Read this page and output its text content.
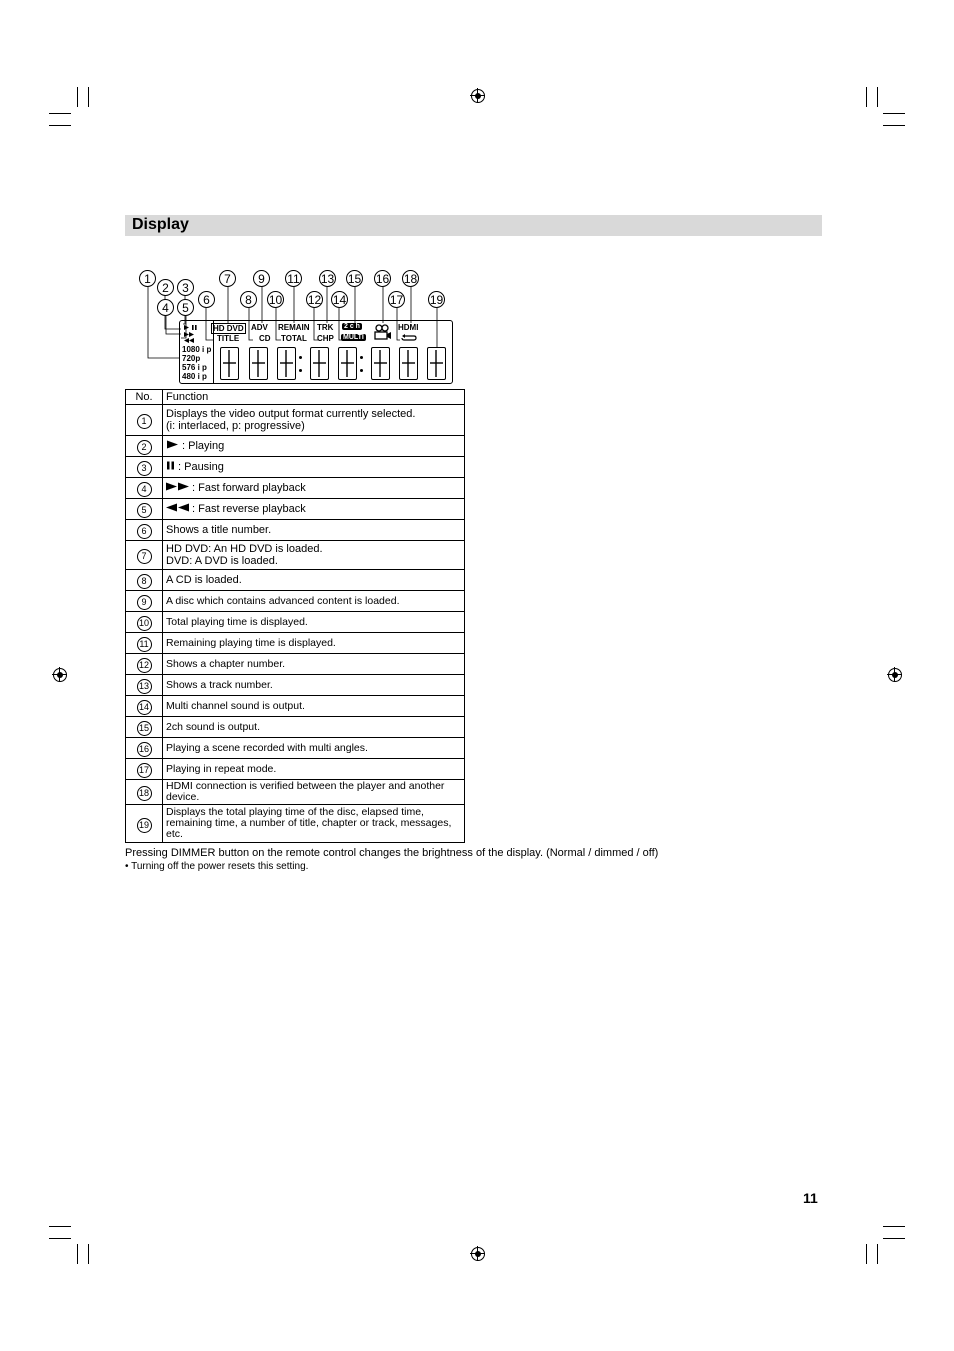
Display
1
2	3
4	5
6
7
8
9
10
11
12
13
14
15 16
17
18
19
1080 i p
720p
576 i p
480 i p
HD DVD
TITLE
ADV
CD
REMAIN
TOTAL
TRK
CHP
2 c h
MULTI
HDMI
No.	Function
1	Displays the video output format currently selected.
(i: interlaced, p: progressive)

2	: Playing
3	: Pausing
4	: Fast forward playback
5	: Fast reverse playback
6	Shows a title number.

7	HD DVD: An HD DVD is loaded.
DVD: A DVD is loaded.

8	A CD is loaded.

9	A disc which contains advanced content is loaded.

10	Total playing time is displayed.

11	Remaining playing time is displayed.

12	Shows a chapter number.

13	Shows a track number.

14	Multi channel sound is output.

15	2ch sound is output.

16	Playing a scene recorded with multi angles.

17	Playing in repeat mode.

18	HDMI connection is verified between the player and another device.

19	Displays the total playing time of the disc, elapsed time, remaining time, a number of title, chapter or track, messages, etc.
Pressing DIMMER button on the remote control changes the brightness of the display. (Normal / dimmed / off)
• Turning off the power resets this setting.
11
